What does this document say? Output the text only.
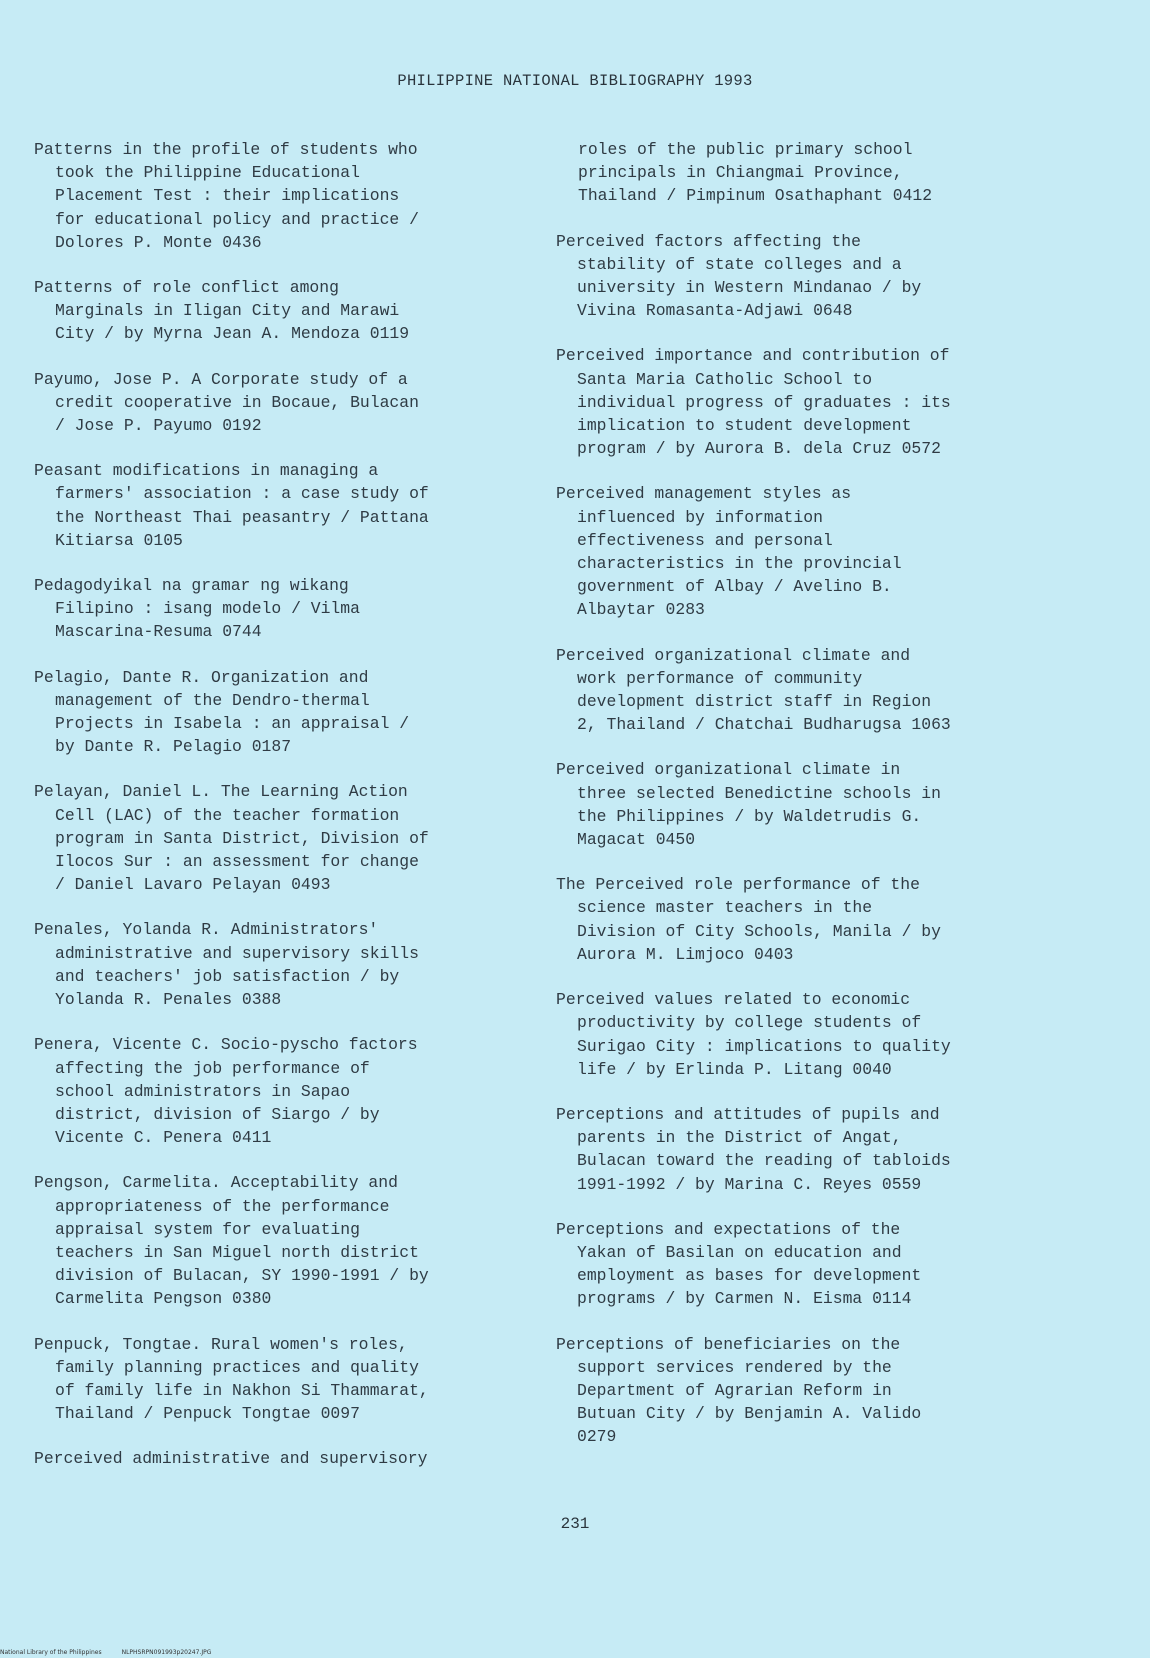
PHILIPPINE NATIONAL BIBLIOGRAPHY 1993
Patterns in the profile of students who
took the Philippine Educational
Placement Test : their implications
for educational policy and practice /
Dolores P. Monte 0436
Patterns of role conflict among
Marginals in Iligan City and Marawi
City / by Myrna Jean A. Mendoza 0119
Payumo, Jose P. A Corporate study of a
credit cooperative in Bocaue, Bulacan
/ Jose P. Payumo 0192
Peasant modifications in managing a
farmers' association : a case study of
the Northeast Thai peasantry / Pattana
Kitiarsa 0105
Pedagodyikal na gramar ng wikang
Filipino : isang modelo / Vilma
Mascarina-Resuma 0744
Pelagio, Dante R. Organization and
management of the Dendro-thermal
Projects in Isabela : an appraisal /
by Dante R. Pelagio 0187
Pelayan, Daniel L. The Learning Action
Cell (LAC) of the teacher formation
program in Santa District, Division of
Ilocos Sur : an assessment for change
/ Daniel Lavaro Pelayan 0493
Penales, Yolanda R. Administrators'
administrative and supervisory skills
and teachers' job satisfaction / by
Yolanda R. Penales 0388
Penera, Vicente C. Socio-pyscho factors
affecting the job performance of
school administrators in Sapao
district, division of Siargo / by
Vicente C. Penera 0411
Pengson, Carmelita. Acceptability and
appropriateness of the performance
appraisal system for evaluating
teachers in San Miguel north district
division of Bulacan, SY 1990-1991 / by
Carmelita Pengson 0380
Penpuck, Tongtae. Rural women's roles,
family planning practices and quality
of family life in Nakhon Si Thammarat,
Thailand / Penpuck Tongtae 0097
Perceived administrative and supervisory
roles of the public primary school
principals in Chiangmai Province,
Thailand / Pimpinum Osathaphant 0412
Perceived factors affecting the
stability of state colleges and a
university in Western Mindanao / by
Vivina Romasanta-Adjawi 0648
Perceived importance and contribution of
Santa Maria Catholic School to
individual progress of graduates : its
implication to student development
program / by Aurora B. dela Cruz 0572
Perceived management styles as
influenced by information
effectiveness and personal
characteristics in the provincial
government of Albay / Avelino B.
Albaytar 0283
Perceived organizational climate and
work performance of community
development district staff in Region
2, Thailand / Chatchai Budharugsa 1063
Perceived organizational climate in
three selected Benedictine schools in
the Philippines / by Waldetrudis G.
Magacat 0450
The Perceived role performance of the
science master teachers in the
Division of City Schools, Manila / by
Aurora M. Limjoco 0403
Perceived values related to economic
productivity by college students of
Surigao City : implications to quality
life / by Erlinda P. Litang 0040
Perceptions and attitudes of pupils and
parents in the District of Angat,
Bulacan toward the reading of tabloids
1991-1992 / by Marina C. Reyes 0559
Perceptions and expectations of the
Yakan of Basilan on education and
employment as bases for development
programs / by Carmen N. Eisma 0114
Perceptions of beneficiaries on the
support services rendered by the
Department of Agrarian Reform in
Butuan City / by Benjamin A. Valido
0279
231
National Library of the Philippines	NLPHSRPN091993p20247.JPG
